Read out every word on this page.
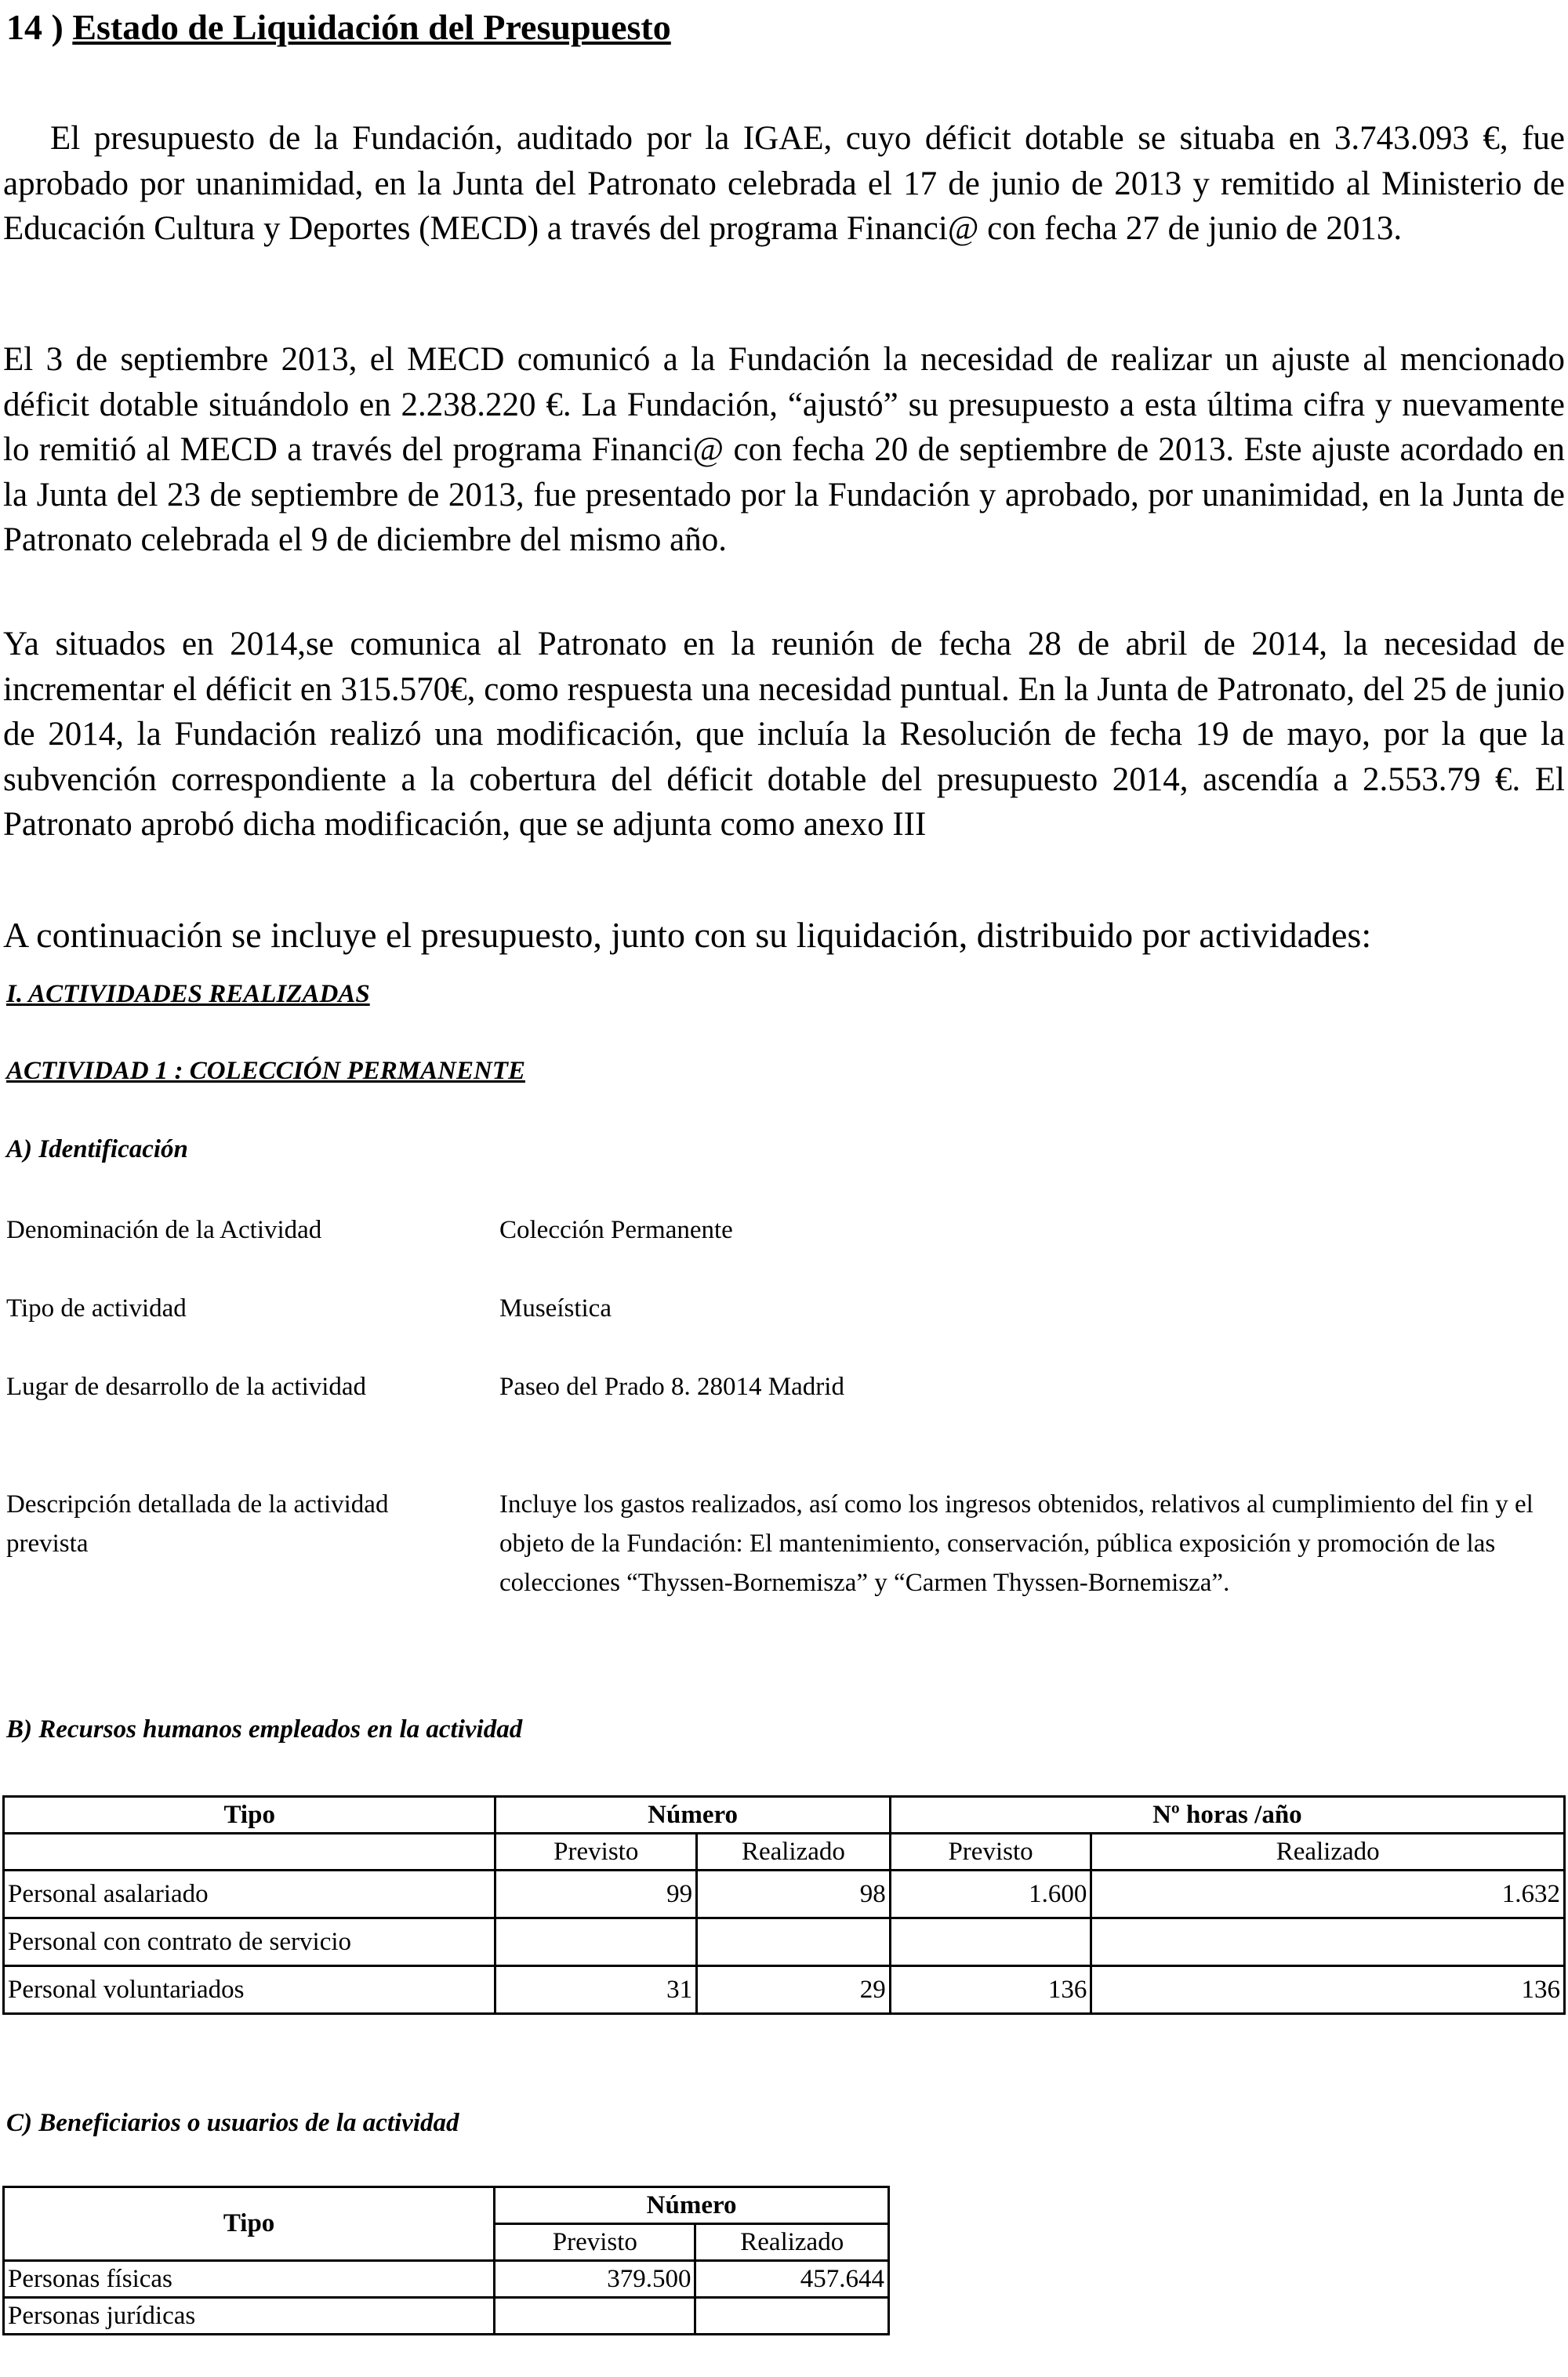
14 ) Estado de Liquidación del Presupuesto

El presupuesto de la Fundación, auditado por la IGAE, cuyo déficit dotable se situaba en 3.743.093 €, fue aprobado por unanimidad, en la Junta del Patronato celebrada el 17 de junio de 2013 y remitido al Ministerio de Educación Cultura y Deportes (MECD) a través del programa Financi@ con fecha 27 de junio de 2013.

El 3 de septiembre 2013, el MECD comunicó a la Fundación la necesidad de realizar un ajuste al mencionado déficit dotable situándolo en 2.238.220 €. La Fundación, “ajustó” su presupuesto a esta última cifra y nuevamente lo remitió al MECD a través del programa Financi@ con fecha 20 de septiembre de 2013. Este ajuste acordado en la Junta del 23 de septiembre de 2013, fue presentado por la Fundación y aprobado, por unanimidad, en la Junta de Patronato celebrada el 9 de diciembre del mismo año.

Ya situados en 2014,se comunica al Patronato en la reunión de fecha 28 de abril de 2014, la necesidad de incrementar el déficit en 315.570€, como respuesta una necesidad puntual. En la Junta de Patronato, del 25 de junio de 2014, la Fundación realizó una modificación, que incluía la Resolución de fecha 19 de mayo, por la que la subvención correspondiente a la cobertura del déficit dotable del presupuesto 2014, ascendía a 2.553.79 €. El Patronato aprobó dicha modificación, que se adjunta como anexo III

A continuación se incluye el presupuesto, junto con su liquidación, distribuido por actividades:

I. ACTIVIDADES REALIZADAS

ACTIVIDAD 1 : COLECCIÓN PERMANENTE

A) Identificación

Denominación de la Actividad	Colección Permanente

Tipo de actividad	Museística

Lugar de desarrollo de la actividad	Paseo del Prado 8. 28014 Madrid

Descripción detallada de la actividad prevista

Incluye los gastos realizados, así como los ingresos obtenidos, relativos al cumplimiento del fin y el objeto de la Fundación: El mantenimiento, conservación, pública exposición y promoción de las colecciones “Thyssen-Bornemisza” y “Carmen Thyssen-Bornemisza”.

B) Recursos humanos empleados en la actividad

Tipo	Número		Nº horas /año	
	Previsto	Realizado	Previsto	Realizado
Personal asalariado	99	98	1.600	1.632
Personal con contrato de servicio				
Personal voluntariados	31	29	136	136

C) Beneficiarios o usuarios de la actividad

Tipo	Número	
	Previsto	Realizado
Personas físicas	379.500	457.644
Personas jurídicas		
